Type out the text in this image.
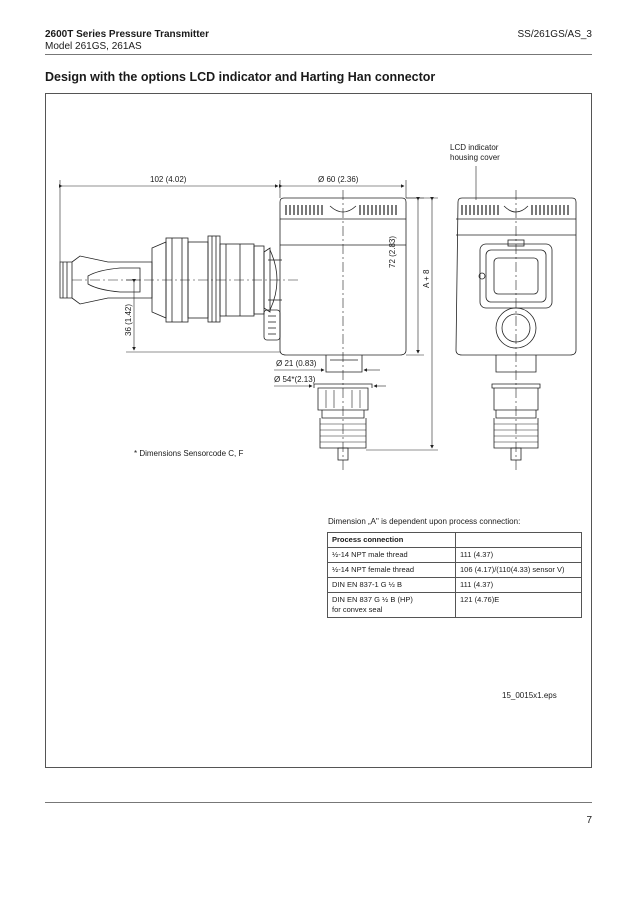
2600T Series Pressure Transmitter
Model 261GS, 261AS
SS/261GS/AS_3
Design with the options LCD indicator and Harting Han connector
LCD indicator
housing cover
102 (4.02)	Ø 60 (2.36)
72 (2.83)
A + 8
36 (1.42)
Ø 21 (0.83)
Ø 54*(2.13)
* Dimensions Sensorcode C, F
Dimension „A" is dependent upon process connection:
Process connection	
½-14 NPT male thread	111 (4.37)
½-14 NPT female thread	106 (4.17)/(110(4.33) sensor V)
DIN EN 837-1 G ½ B	111 (4.37)

DIN EN 837 G ½ B (HP)
for convex seal	121 (4.76)E
15_0015x1.eps
7
